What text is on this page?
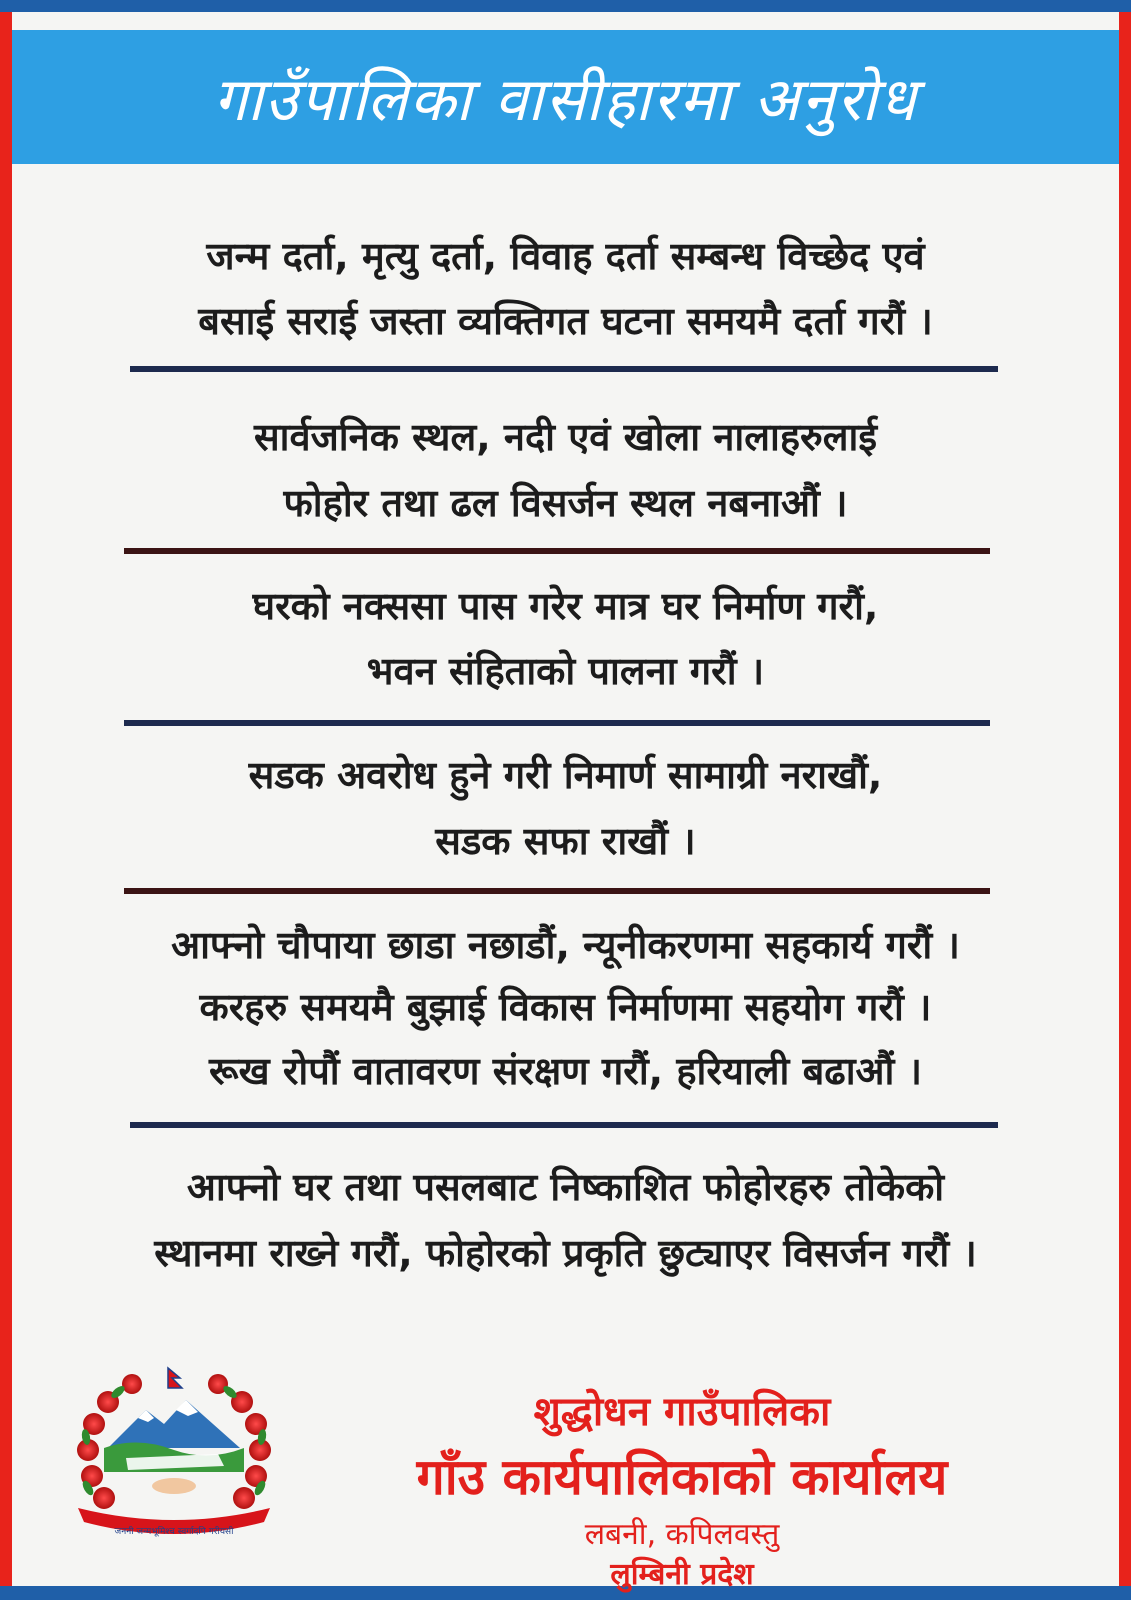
गाउँपालिका वासीहारमा अनुरोध
जन्म दर्ता, मृत्यु दर्ता, विवाह दर्ता सम्बन्ध विच्छेद एवं
बसाई सराई जस्ता व्यक्तिगत घटना समयमै दर्ता गरौं ।
सार्वजनिक स्थल, नदी एवं खोला नालाहरुलाई
फोहोर तथा ढल विसर्जन स्थल नबनाऔं ।
घरको नक्ससा पास गरेर मात्र घर निर्माण गरौं,
भवन संहिताको पालना गरौं ।
सडक अवरोध हुने गरी निमार्ण सामाग्री नराखौं,
सडक सफा राखौं ।
आफ्नो चौपाया छाडा नछाडौं, न्यूनीकरणमा सहकार्य गरौं ।
करहरु समयमै बुझाई विकास निर्माणमा सहयोग गरौं ।
रूख रोपौं वातावरण संरक्षण गरौं, हरियाली बढाऔं ।
आफ्नो घर तथा पसलबाट निष्काशित फोहोरहरु तोकेको
स्थानमा राख्ने गरौं, फोहोरको प्रकृति छुट्याएर विसर्जन गरौं ।
जननी जन्मभूमिश्च स्वर्गादपि गरीयसी
शुद्धोधन गाउँपालिका
गाँउ कार्यपालिकाको कार्यालय
लबनी, कपिलवस्तु
लुम्बिनी प्रदेश
